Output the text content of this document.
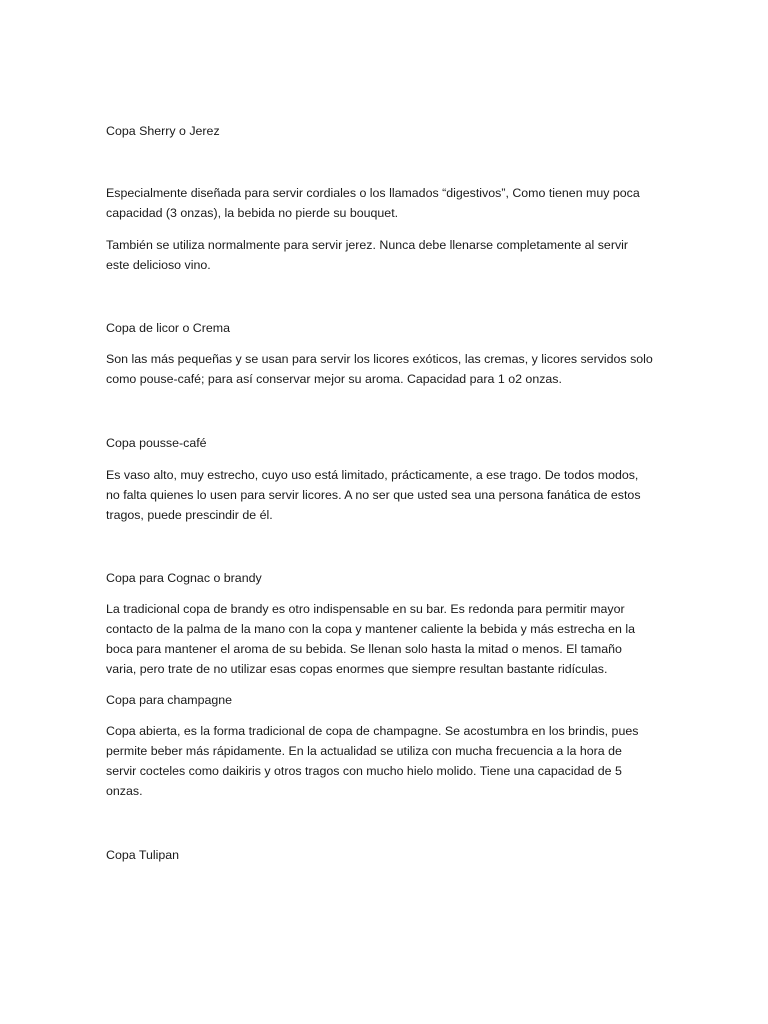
Copa Sherry o Jerez
Especialmente diseñada para servir cordiales o los llamados “digestivos”, Como tienen muy poca
capacidad (3 onzas), la bebida no pierde su bouquet.
También se utiliza normalmente para servir jerez. Nunca debe llenarse completamente al servir
este delicioso vino.
Copa de licor o Crema
Son las más pequeñas y se usan para servir los licores exóticos, las cremas, y licores servidos solo
como pouse-café; para así conservar mejor su aroma. Capacidad para 1 o2 onzas.
Copa pousse-café
Es vaso alto, muy estrecho, cuyo uso está limitado, prácticamente, a ese trago. De todos modos,
no falta quienes lo usen para servir licores. A no ser que usted sea una persona fanática de estos
tragos, puede prescindir de él.
Copa para Cognac o brandy
La tradicional copa de brandy es otro indispensable en su bar. Es redonda para permitir mayor
contacto de la palma de la mano con la copa y mantener caliente la bebida y más estrecha en la
boca para mantener el aroma de su bebida. Se llenan solo hasta la mitad o menos. El tamaño
varia, pero trate de no utilizar esas copas enormes que siempre resultan bastante ridículas.
Copa para champagne
Copa abierta, es la forma tradicional de copa de champagne. Se acostumbra en los brindis, pues
permite beber más rápidamente. En la actualidad se utiliza con mucha frecuencia a la hora de
servir cocteles como daikiris y otros tragos con mucho hielo molido. Tiene una capacidad de 5
onzas.
Copa Tulipan
